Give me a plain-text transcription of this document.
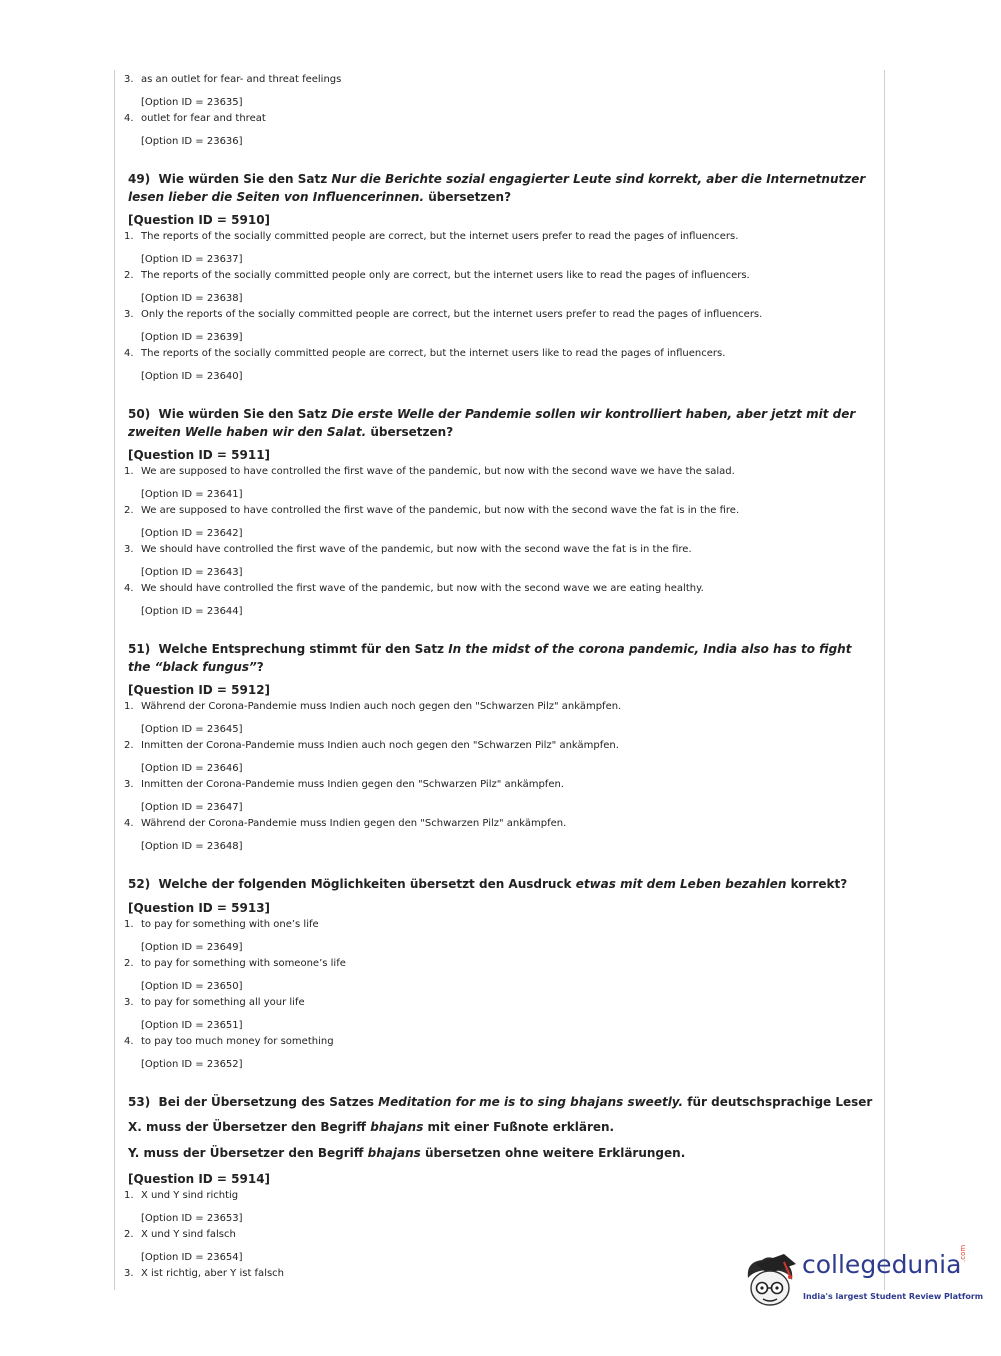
3. as an outlet for fear- and threat feelings

[Option ID = 23635]

4. outlet for fear and threat

[Option ID = 23636]

49) Wie würden Sie den Satz Nur die Berichte sozial engagierter Leute sind korrekt, aber die Internetnutzer lesen lieber die Seiten von Influencerinnen. übersetzen?

[Question ID = 5910]

1. The reports of the socially committed people are correct, but the internet users prefer to read the pages of influencers.

[Option ID = 23637]

2. The reports of the socially committed people only are correct, but the internet users like to read the pages of influencers.

[Option ID = 23638]

3. Only the reports of the socially committed people are correct, but the internet users prefer to read the pages of influencers.

[Option ID = 23639]

4. The reports of the socially committed people are correct, but the internet users like to read the pages of influencers.

[Option ID = 23640]

50) Wie würden Sie den Satz Die erste Welle der Pandemie sollen wir kontrolliert haben, aber jetzt mit der zweiten Welle haben wir den Salat. übersetzen?

[Question ID = 5911]

1. We are supposed to have controlled the first wave of the pandemic, but now with the second wave we have the salad.

[Option ID = 23641]

2. We are supposed to have controlled the first wave of the pandemic, but now with the second wave the fat is in the fire.

[Option ID = 23642]

3. We should have controlled the first wave of the pandemic, but now with the second wave the fat is in the fire.

[Option ID = 23643]

4. We should have controlled the first wave of the pandemic, but now with the second wave we are eating healthy.

[Option ID = 23644]

51) Welche Entsprechung stimmt für den Satz In the midst of the corona pandemic, India also has to fight the “black fungus”?

[Question ID = 5912]

1. Während der Corona-Pandemie muss Indien auch noch gegen den "Schwarzen Pilz" ankämpfen.

[Option ID = 23645]

2. Inmitten der Corona-Pandemie muss Indien auch noch gegen den "Schwarzen Pilz" ankämpfen.

[Option ID = 23646]

3. Inmitten der Corona-Pandemie muss Indien gegen den "Schwarzen Pilz" ankämpfen.

[Option ID = 23647]

4. Während der Corona-Pandemie muss Indien gegen den "Schwarzen Pilz" ankämpfen.

[Option ID = 23648]

52) Welche der folgenden Möglichkeiten übersetzt den Ausdruck etwas mit dem Leben bezahlen korrekt?

[Question ID = 5913]

1. to pay for something with one’s life

[Option ID = 23649]

2. to pay for something with someone’s life

[Option ID = 23650]

3. to pay for something all your life

[Option ID = 23651]

4. to pay too much money for something

[Option ID = 23652]

53) Bei der Übersetzung des Satzes Meditation for me is to sing bhajans sweetly. für deutschsprachige Leser

X. muss der Übersetzer den Begriff bhajans mit einer Fußnote erklären.

Y. muss der Übersetzer den Begriff bhajans übersetzen ohne weitere Erklärungen.

[Question ID = 5914]

1. X und Y sind richtig

[Option ID = 23653]

2. X und Y sind falsch

[Option ID = 23654]

3. X ist richtig, aber Y ist falsch	collegedunia
.com
India's largest Student Review Platform
